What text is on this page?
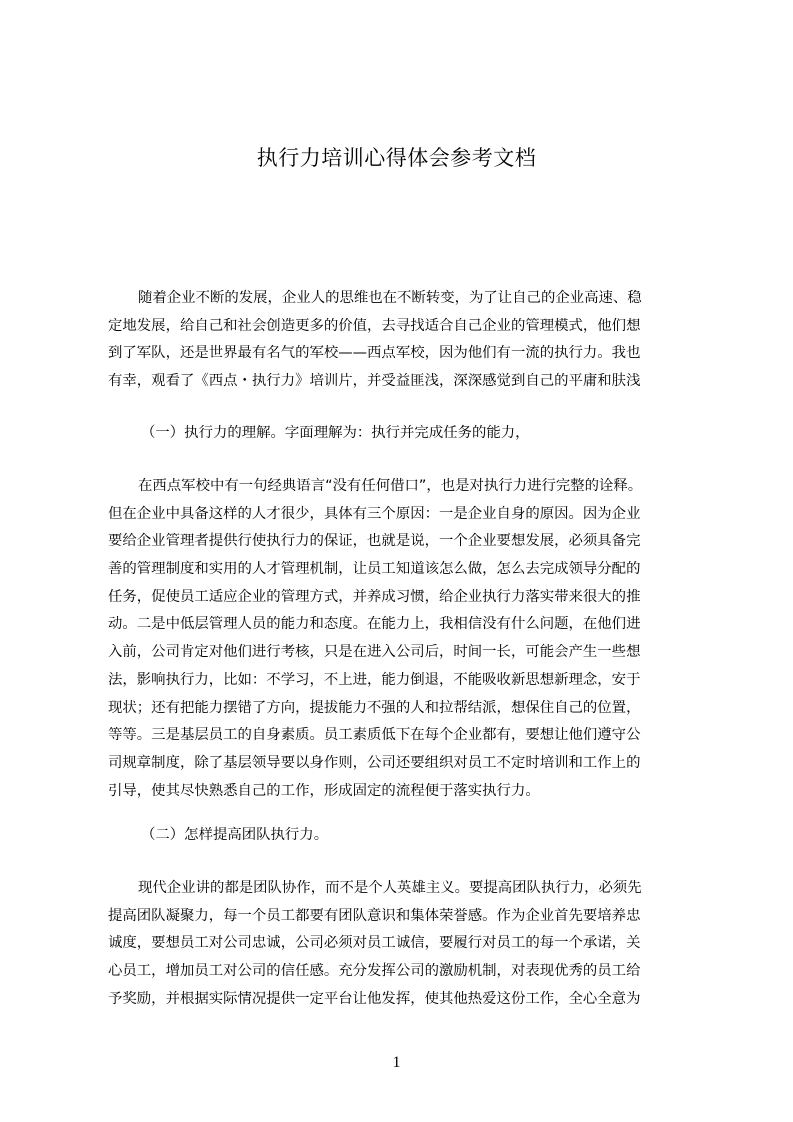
执行力培训心得体会参考文档
随着企业不断的发展，企业人的思维也在不断转变，为了让自己的企业高速、稳
定地发展，给自己和社会创造更多的价值，去寻找适合自己企业的管理模式，他们想
到了军队，还是世界最有名气的军校——西点军校，因为他们有一流的执行力。我也
有幸，观看了《西点・执行力》培训片，并受益匪浅，深深感觉到自己的平庸和肤浅
（一）执行力的理解。字面理解为：执行并完成任务的能力，
在西点军校中有一句经典语言“没有任何借口”，也是对执行力进行完整的诠释。
但在企业中具备这样的人才很少，具体有三个原因：一是企业自身的原因。因为企业
要给企业管理者提供行使执行力的保证，也就是说，一个企业要想发展，必须具备完
善的管理制度和实用的人才管理机制，让员工知道该怎么做，怎么去完成领导分配的
任务，促使员工适应企业的管理方式，并养成习惯，给企业执行力落实带来很大的推
动。二是中低层管理人员的能力和态度。在能力上，我相信没有什么问题，在他们进
入前，公司肯定对他们进行考核，只是在进入公司后，时间一长，可能会产生一些想
法，影响执行力，比如：不学习，不上进，能力倒退，不能吸收新思想新理念，安于
现状；还有把能力摆错了方向，提拔能力不强的人和拉帮结派，想保住自己的位置，
等等。三是基层员工的自身素质。员工素质低下在每个企业都有，要想让他们遵守公
司规章制度，除了基层领导要以身作则，公司还要组织对员工不定时培训和工作上的
引导，使其尽快熟悉自己的工作，形成固定的流程便于落实执行力。
（二）怎样提高团队执行力。
现代企业讲的都是团队协作，而不是个人英雄主义。要提高团队执行力，必须先
提高团队凝聚力，每一个员工都要有团队意识和集体荣誉感。作为企业首先要培养忠
诚度，要想员工对公司忠诚，公司必须对员工诚信，要履行对员工的每一个承诺，关
心员工，增加员工对公司的信任感。充分发挥公司的激励机制，对表现优秀的员工给
予奖励，并根据实际情况提供一定平台让他发挥，使其他热爱这份工作，全心全意为
1
